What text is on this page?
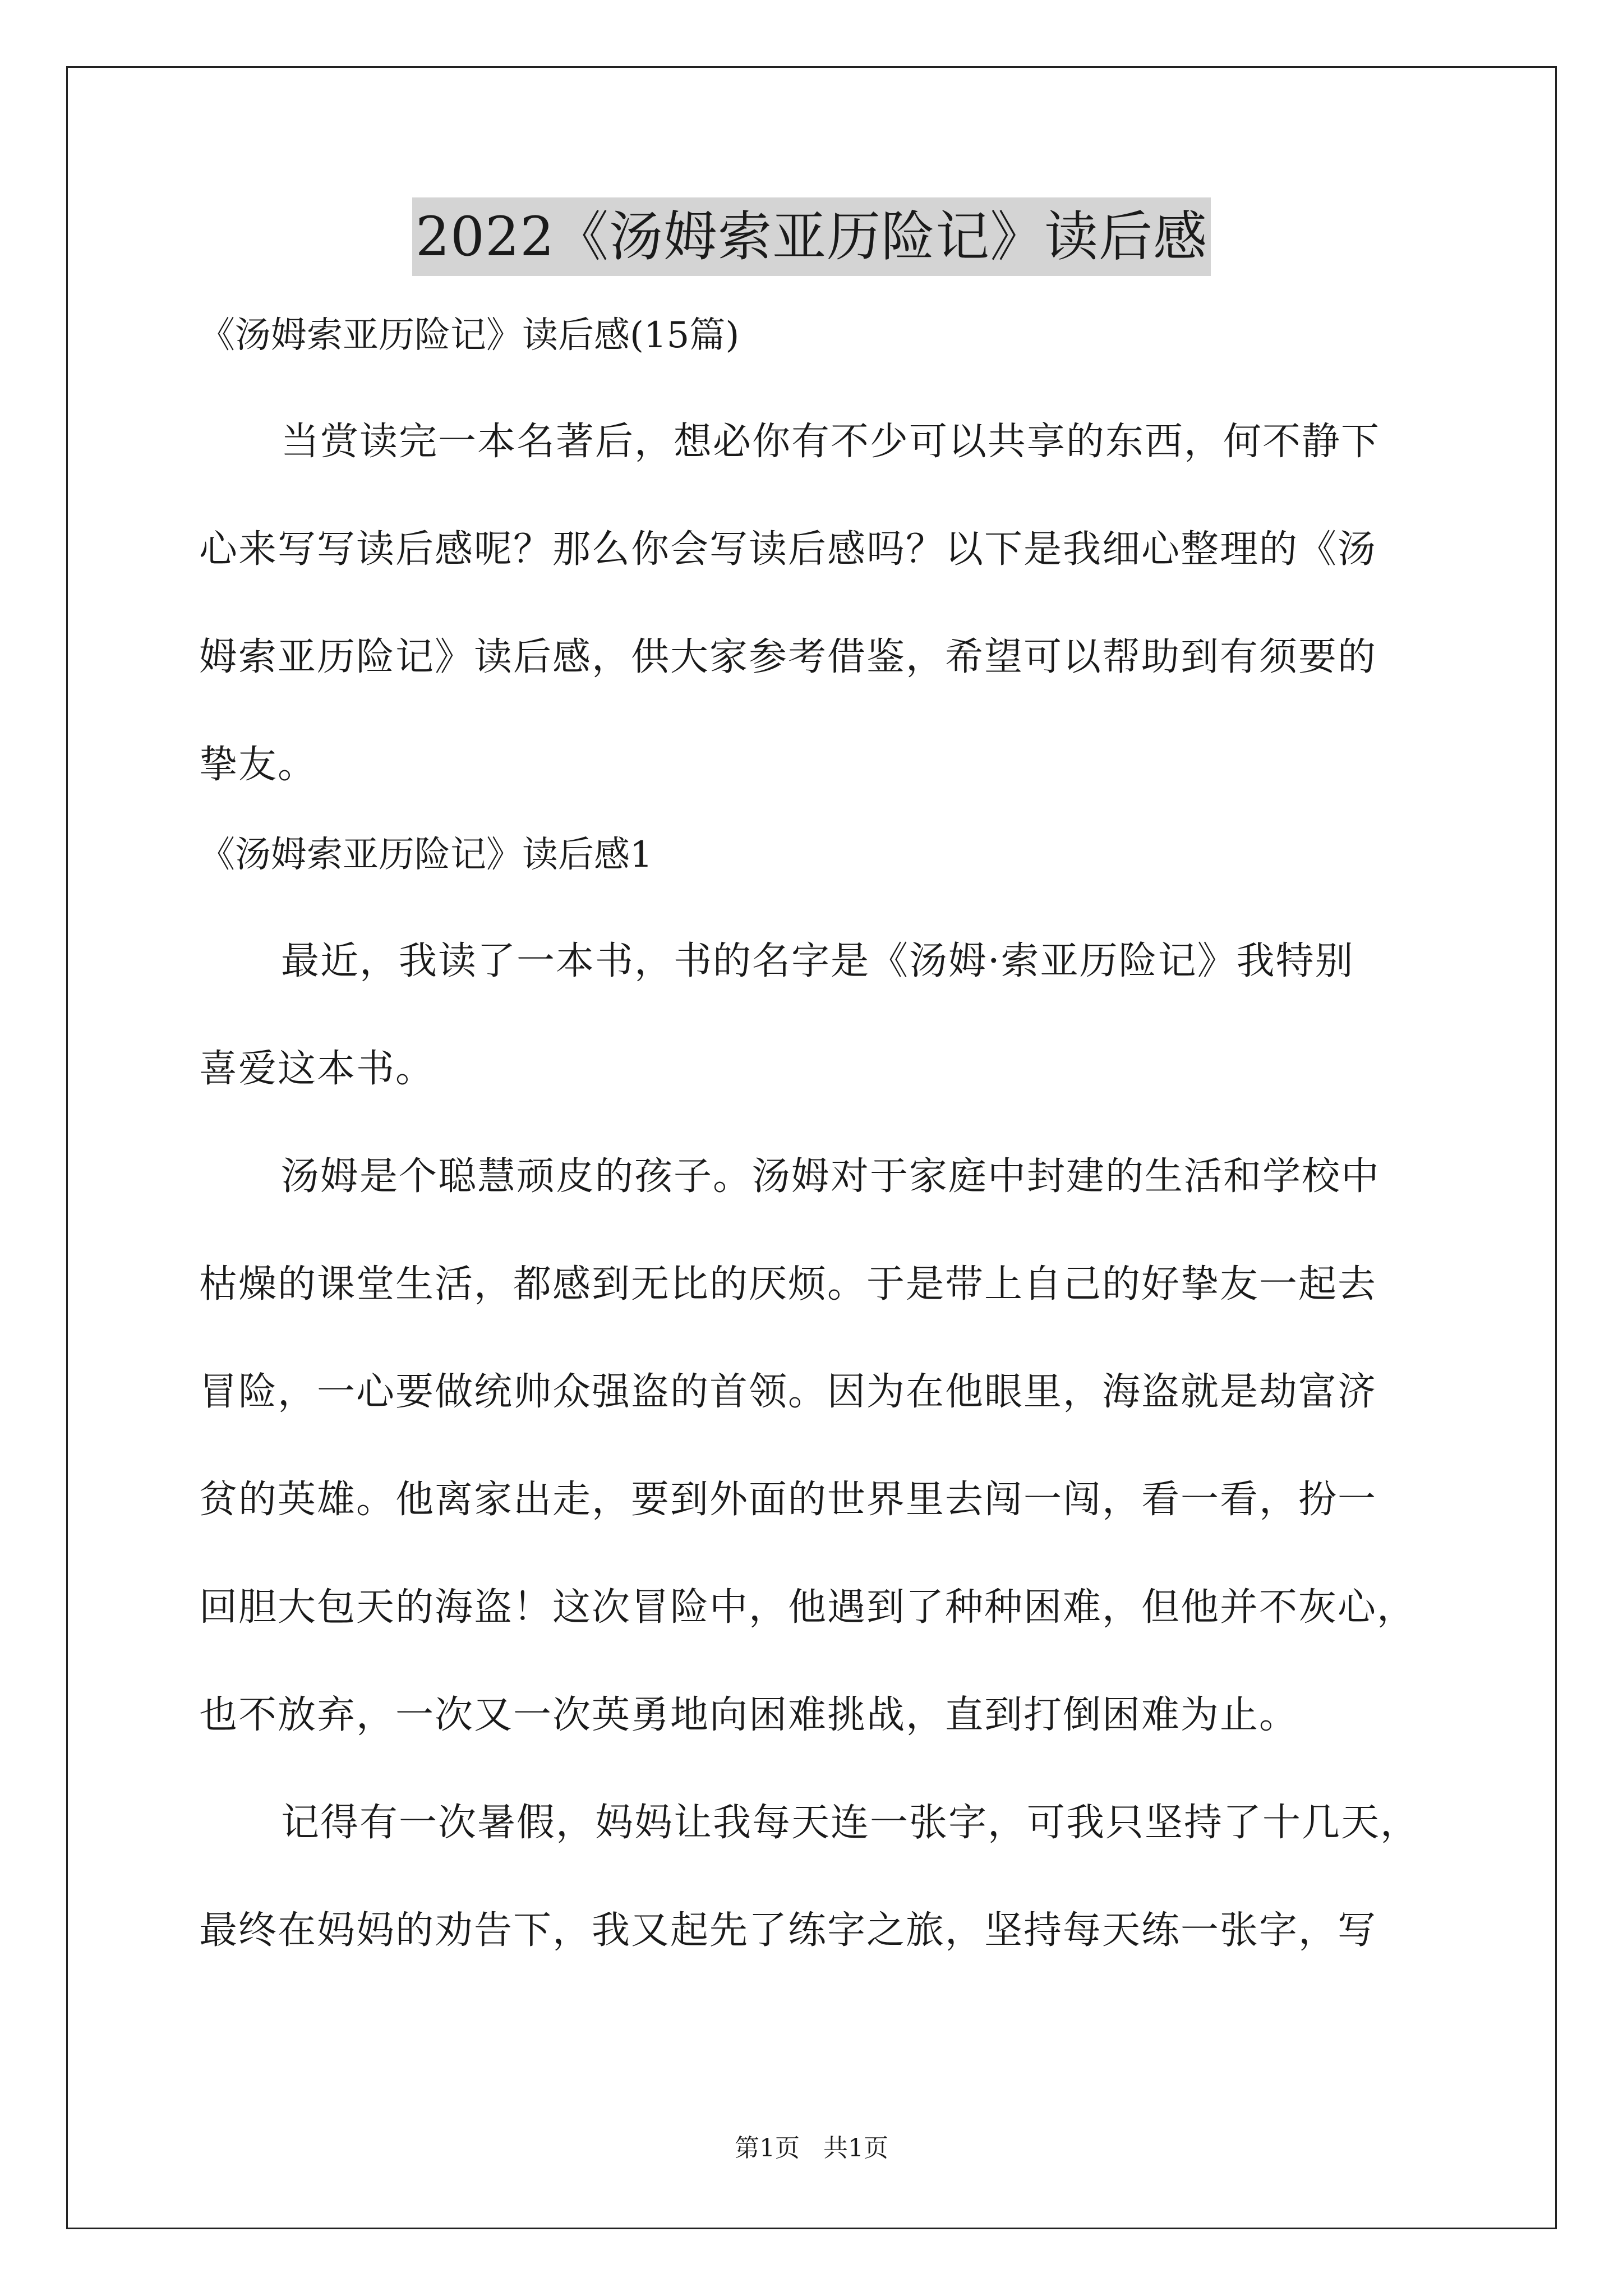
2022《汤姆索亚历险记》读后感
《汤姆索亚历险记》读后感(15篇)

当赏读完一本名著后，想必你有不少可以共享的东西，何不静下
心来写写读后感呢？那么你会写读后感吗？以下是我细心整理的《汤
姆索亚历险记》读后感，供大家参考借鉴，希望可以帮助到有须要的
挚友。

《汤姆索亚历险记》读后感1

最近，我读了一本书，书的名字是《汤姆·索亚历险记》我特别
喜爱这本书。

汤姆是个聪慧顽皮的孩子。汤姆对于家庭中封建的生活和学校中
枯燥的课堂生活，都感到无比的厌烦。于是带上自己的好挚友一起去
冒险，一心要做统帅众强盗的首领。因为在他眼里，海盗就是劫富济
贫的英雄。他离家出走，要到外面的世界里去闯一闯，看一看，扮一
回胆大包天的海盗！这次冒险中，他遇到了种种困难，但他并不灰心，
也不放弃，一次又一次英勇地向困难挑战，直到打倒困难为止。

记得有一次暑假，妈妈让我每天连一张字，可我只坚持了十几天，
最终在妈妈的劝告下，我又起先了练字之旅，坚持每天练一张字，写

第1页   共1页
